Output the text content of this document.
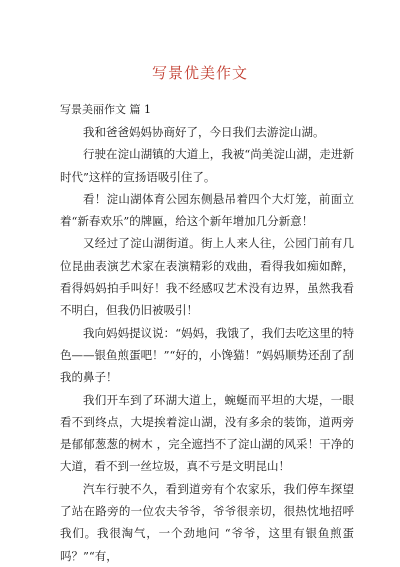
写景优美作文
写景美丽作文 篇 1

我和爸爸妈妈协商好了，今日我们去游淀山湖。

行驶在淀山湖镇的大道上，我被“尚美淀山湖，走进新时代”这样的宣扬语吸引住了。

看！淀山湖体育公园东侧悬吊着四个大灯笼，前面立着“新春欢乐”的牌匾，给这个新年增加几分新意！

又经过了淀山湖街道。街上人来人往，公园门前有几位昆曲表演艺术家在表演精彩的戏曲，看得我如痴如醉，看得妈妈拍手叫好！我不经感叹艺术没有边界，虽然我看不明白，但我仍旧被吸引！

我向妈妈提议说：“妈妈，我饿了，我们去吃这里的特色——银鱼煎蛋吧！”“好的，小馋猫！”妈妈顺势还刮了刮我的鼻子！

我们开车到了环湖大道上，蜿蜒而平坦的大堤，一眼看不到终点，大堤挨着淀山湖，没有多余的装饰，道两旁是郁郁葱葱的树木 ，完全遮挡不了淀山湖的风采！干净的大道，看不到一丝垃圾，真不亏是文明昆山！

汽车行驶不久，看到道旁有个农家乐，我们停车探望了站在路旁的一位农夫爷爷，爷爷很亲切，很热忱地招呼我们。我很淘气，一个劲地问 “爷爷，这里有银鱼煎蛋吗？”“有，
